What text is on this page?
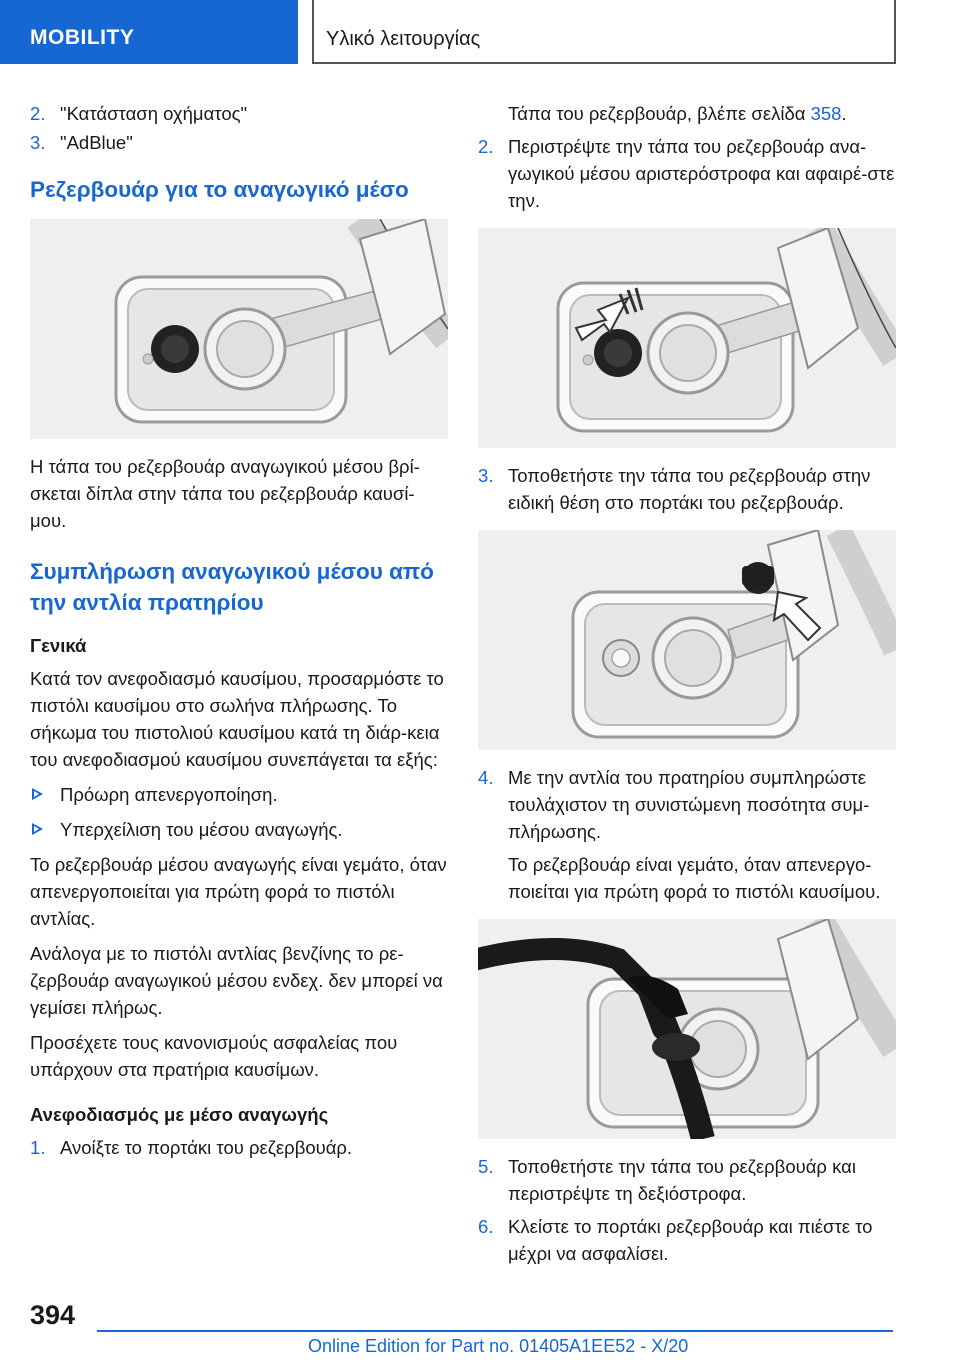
MOBILITY	Υλικό λειτουργίας
2. "Κατάσταση οχήματος"

3. "AdBlue"

Ρεζερβουάρ για το αναγωγικό μέσο

Η τάπα του ρεζερβουάρ αναγωγικού μέσου βρί-σκεται δίπλα στην τάπα του ρεζερβουάρ καυσί-μου.

Συμπλήρωση αναγωγικού μέσου από την αντλία πρατηρίου
Γενικά

Κατά τον ανεφοδιασμό καυσίμου, προσαρμόστε το πιστόλι καυσίμου στο σωλήνα πλήρωσης. Το σήκωμα του πιστολιού καυσίμου κατά τη διάρ-κεια του ανεφοδιασμού καυσίμου συνεπάγεται τα εξής:

Πρόωρη απενεργοποίηση.
Υπερχείλιση του μέσου αναγωγής.

Το ρεζερβουάρ μέσου αναγωγής είναι γεμάτο, όταν απενεργοποιείται για πρώτη φορά το πιστόλι αντλίας.

Ανάλογα με το πιστόλι αντλίας βενζίνης το ρε-ζερβουάρ αναγωγικού μέσου ενδεχ. δεν μπορεί να γεμίσει πλήρως.

Προσέχετε τους κανονισμούς ασφαλείας που υπάρχουν στα πρατήρια καυσίμων.

Ανεφοδιασμός με μέσο αναγωγής
1. Ανοίξτε το πορτάκι του ρεζερβουάρ.

Τάπα του ρεζερβουάρ, βλέπε σελίδα 358.

2. Περιστρέψτε την τάπα του ρεζερβουάρ ανα-γωγικού μέσου αριστερόστροφα και αφαιρέ-στε την.

3. Τοποθετήστε την τάπα του ρεζερβουάρ στην ειδική θέση στο πορτάκι του ρεζερβουάρ.

4. Με την αντλία του πρατηρίου συμπληρώστε τουλάχιστον τη συνιστώμενη ποσότητα συμ-πλήρωσης.

Το ρεζερβουάρ είναι γεμάτο, όταν απενεργο-ποιείται για πρώτη φορά το πιστόλι καυσίμου.

5. Τοποθετήστε την τάπα του ρεζερβουάρ και περιστρέψτε τη δεξιόστροφα.

6. Κλείστε το πορτάκι ρεζερβουάρ και πιέστε το μέχρι να ασφαλίσει.

394
Online Edition for Part no. 01405A1EE52 - X/20
